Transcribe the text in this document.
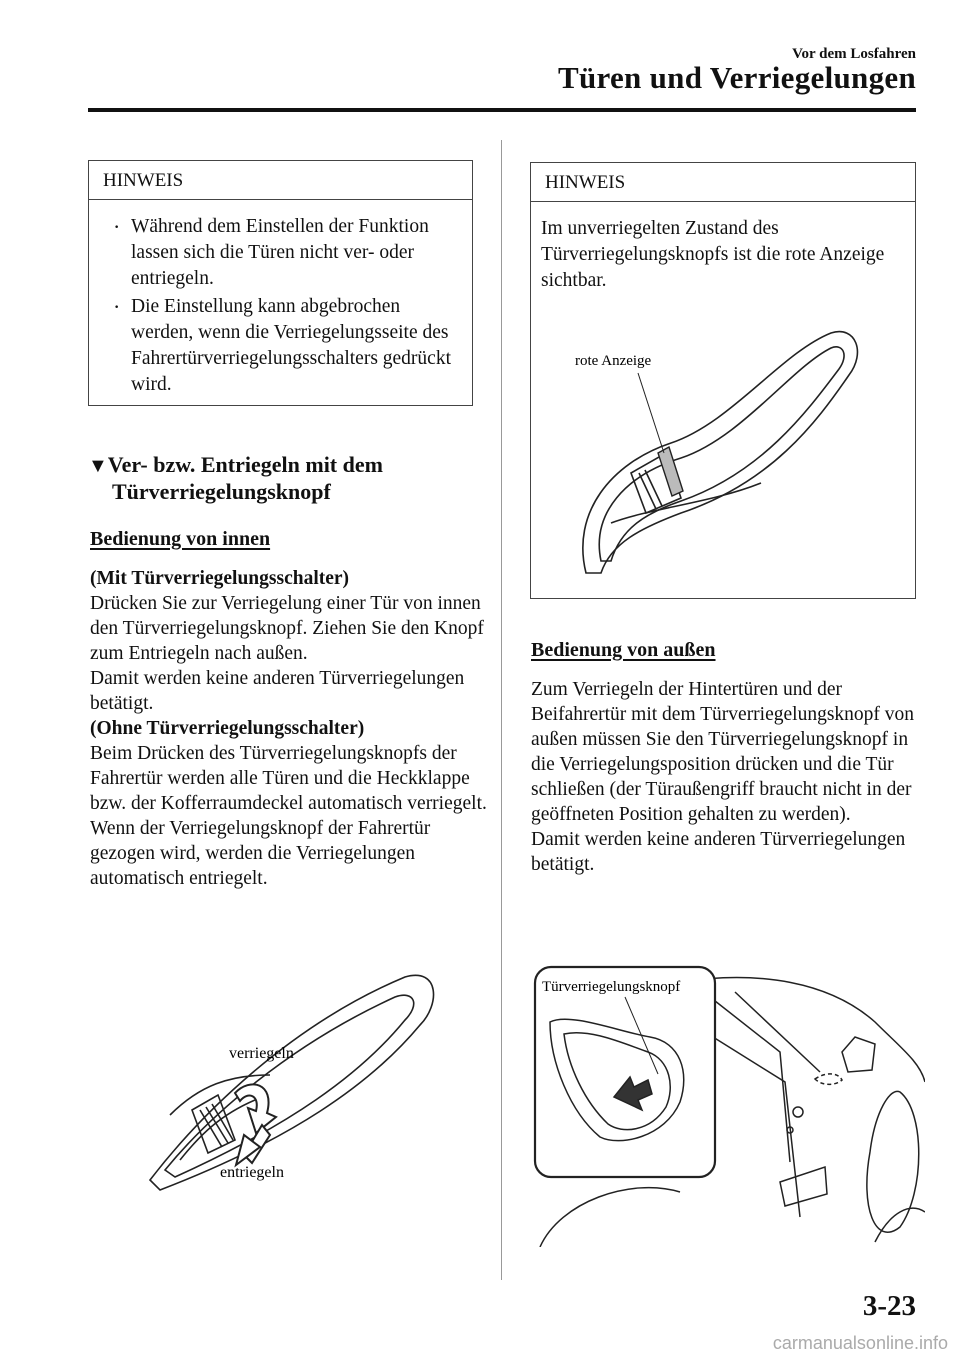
Vor dem Losfahren
Türen und Verriegelungen
HINWEIS
· Während dem Einstellen der Funktion lassen sich die Türen nicht ver- oder entriegeln.
· Die Einstellung kann abgebrochen werden, wenn die Verriegelungsseite des Fahrertürverriegelungsschalters gedrückt wird.
▼Ver- bzw. Entriegeln mit dem
Türverriegelungsknopf
Bedienung von innen

(Mit Türverriegelungsschalter)

Drücken Sie zur Verriegelung einer Tür von innen den Türverriegelungsknopf. Ziehen Sie den Knopf zum Entriegeln nach außen.

Damit werden keine anderen Türverriegelungen betätigt.

(Ohne Türverriegelungsschalter)

Beim Drücken des Türverriegelungsknopfs der Fahrertür werden alle Türen und die Heckklappe bzw. der Kofferraumdeckel automatisch verriegelt. Wenn der Verriegelungsknopf der Fahrertür gezogen wird, werden die Verriegelungen automatisch entriegelt.

verriegeln
entriegeln
HINWEIS
Im unverriegelten Zustand des Türverriegelungsknopfs ist die rote Anzeige sichtbar.
rote Anzeige
Bedienung von außen

Zum Verriegeln der Hintertüren und der Beifahrertür mit dem Türverriegelungsknopf von außen müssen Sie den Türverriegelungsknopf in die Verriegelungsposition drücken und die Tür schließen (der Türaußengriff braucht nicht in der geöffneten Position gehalten zu werden).

Damit werden keine anderen Türverriegelungen betätigt.

Türverriegelungsknopf
3-23
carmanualsonline.info
